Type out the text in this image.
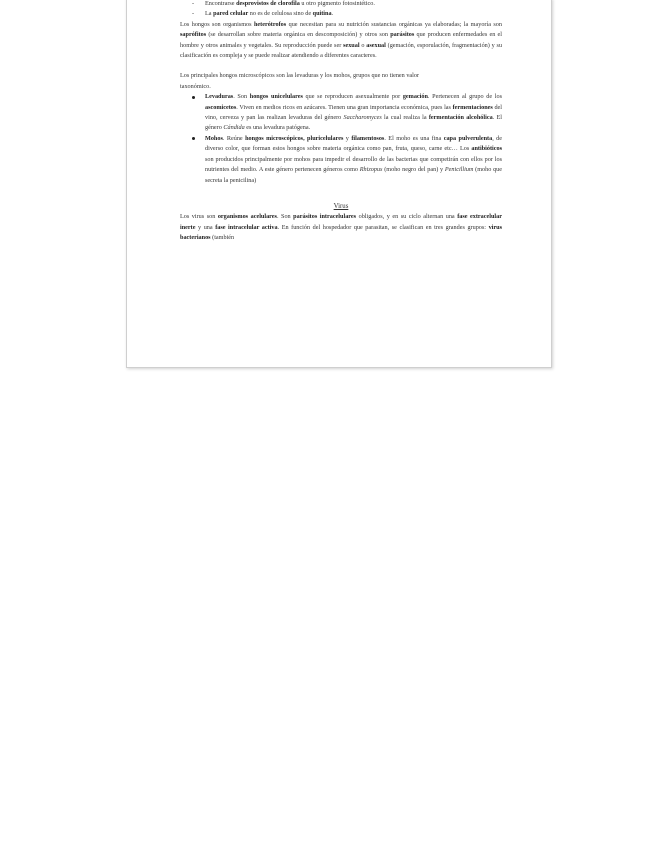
- Encontrarse desprovistos de clorofila u otro pigmento fotosintético.

- La pared celular no es de celulosa sino de quitina.

Los hongos son organismos heterótrofos que necesitan para su nutrición sustancias orgánicas ya elaboradas; la mayoría son saprófitos (se desarrollan sobre materia orgánica en descomposición) y otros son parásitos que producen enfermedades en el hombre y otros animales y vegetales. Su reproducción puede ser sexual o asexual (gemación, esporulación, fragmentación) y su clasificación es compleja y se puede realizar atendiendo a diferentes caracteres.

Los principales hongos microscópicos son las levaduras y los mohos, grupos que no tienen valor
taxonómico.

Levaduras. Son hongos unicelulares que se reproducen asexualmente por gemación. Pertenecen al grupo de los ascomicetos. Viven en medios ricos en azúcares. Tienen una gran importancia económica, pues las fermentaciones del vino, cerveza y pan las realizan levaduras del género Saccharomyces la cual realiza la fermentación alcohólica. El género Cándida es una levadura patógena.
Mohos. Reúne hongos microscópicos, pluricelulares y filamentosos. El moho es una fina capa pulverulenta, de diverso color, que forman estos hongos sobre materia orgánica como pan, fruta, queso, carne etc… Los antibióticos son producidos principalmente por mohos para impedir el desarrollo de las bacterias que competirán con ellos por los nutrientes del medio. A este género pertenecen géneros como Rhizopus (moho negro del pan) y Penicillium (moho que secreta la penicilina)

Virus

Los virus son organismos acelulares. Son parásitos intracelulares obligados, y en su ciclo alternan una fase extracelular inerte y una fase intracelular activa. En función del hospedador que parasitan, se clasifican en tres grandes grupos: virus bacterianos (también
